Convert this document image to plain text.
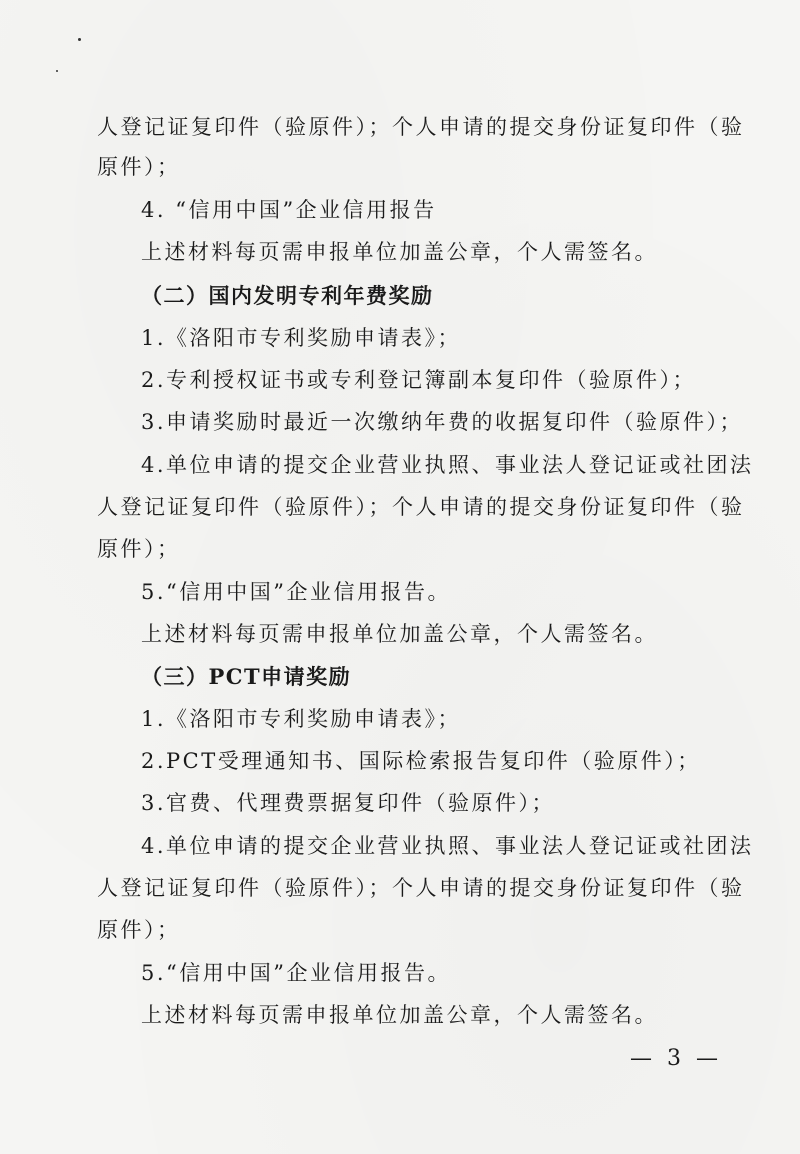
人登记证复印件（验原件）；个人申请的提交身份证复印件（验
原件）；
4. “信用中国”企业信用报告
上述材料每页需申报单位加盖公章，个人需签名。
（二）国内发明专利年费奖励
1.《洛阳市专利奖励申请表》；
2.专利授权证书或专利登记簿副本复印件（验原件）；
3.申请奖励时最近一次缴纳年费的收据复印件（验原件）；
4.单位申请的提交企业营业执照、事业法人登记证或社团法
人登记证复印件（验原件）；个人申请的提交身份证复印件（验
原件）；
5.“信用中国”企业信用报告。
上述材料每页需申报单位加盖公章，个人需签名。
（三）PCT申请奖励
1.《洛阳市专利奖励申请表》；
2.PCT受理通知书、国际检索报告复印件（验原件）；
3.官费、代理费票据复印件（验原件）；
4.单位申请的提交企业营业执照、事业法人登记证或社团法
人登记证复印件（验原件）；个人申请的提交身份证复印件（验
原件）；
5.“信用中国”企业信用报告。
上述材料每页需申报单位加盖公章，个人需签名。
— 3 —
